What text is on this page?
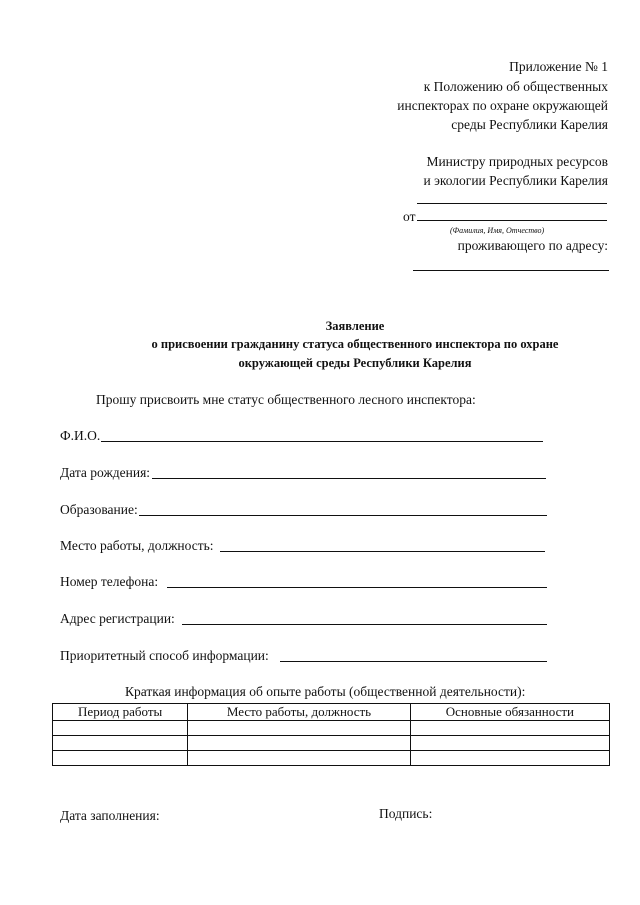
Приложение № 1
к Положению об общественных
инспекторах по охране окружающей
среды Республики Карелия
Министру природных ресурсов
и экологии Республики Карелия
от
(Фамилия, Имя, Отчество)
проживающего по адресу:
Заявление
о присвоении гражданину статуса общественного инспектора по охране
окружающей среды Республики Карелия
Прошу присвоить мне статус общественного лесного инспектора:
Ф.И.О.
Дата рождения:
Образование:
Место работы, должность:
Номер телефона:
Адрес регистрации:
Приоритетный способ информации:
Краткая информация об опыте работы (общественной деятельности):
Период работы	Место работы, должность	Основные обязанности

Дата заполнения:	Подпись:
